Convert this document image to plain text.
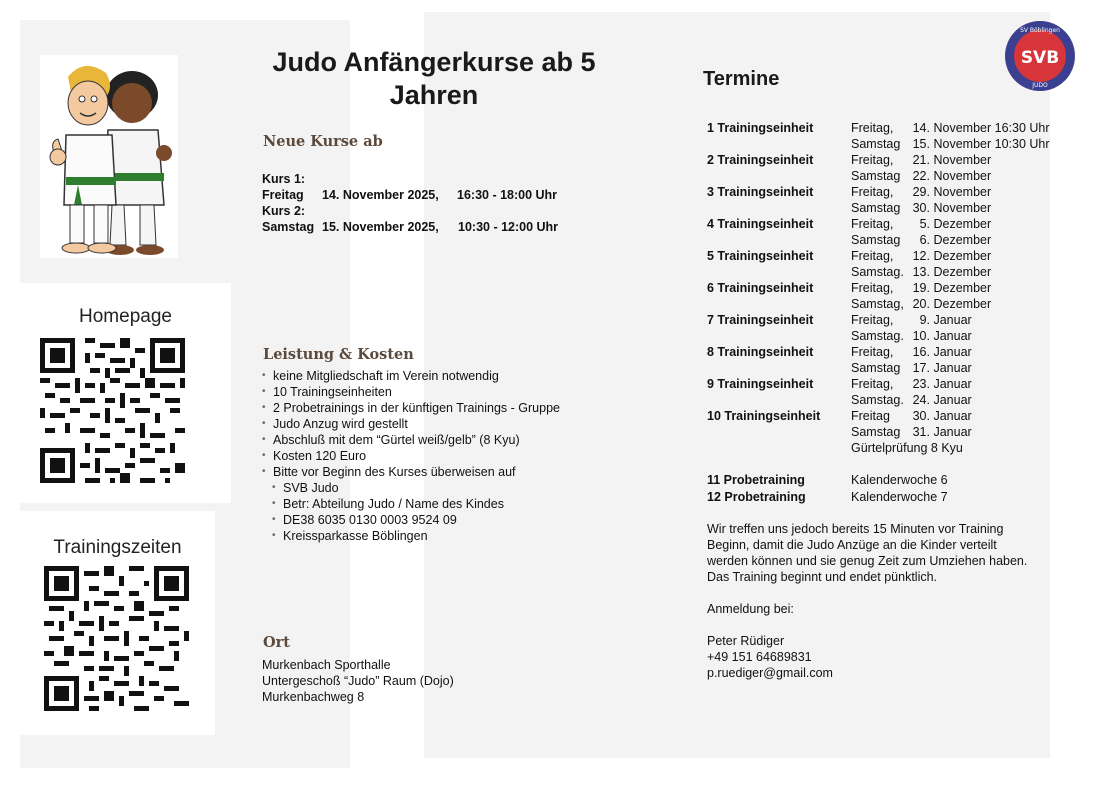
Homepage
Trainingszeiten
Judo Anfängerkurse ab 5 Jahren
Neue Kurse ab
Kurs 1:
Freitag 14. November 2025, 16:30 - 18:00 Uhr
Kurs 2:
Samstag 15. November 2025, 10:30 - 12:00 Uhr
Leistung & Kosten
• keine Mitgliedschaft im Verein notwendig
• 10 Trainingseinheiten
• 2 Probetrainings in der künftigen Trainings - Gruppe
• Judo Anzug wird gestellt
• Abschluß mit dem “Gürtel weiß/gelb” (8 Kyu)
• Kosten 120 Euro
• Bitte vor Beginn des Kurses überweisen auf
• SVB Judo
• Betr: Abteilung Judo / Name des Kindes
• DE38 6035 0130 0003 9524 09
• Kreissparkasse Böblingen
Ort
Murkenbach Sporthalle
Untergeschoß “Judo” Raum (Dojo)
Murkenbachweg 8
SVB
SV Böblingen
JUDO
Termine
1 Trainingseinheit	Freitag, 14. November 16:30 Uhr
Samstag 15. November 10:30 Uhr
2 Trainingseinheit	Freitag, 21. November
Samstag 22. November
3 Trainingseinheit	Freitag, 29. November
Samstag 30. November
4 Trainingseinheit	Freitag, 5. Dezember
Samstag 6. Dezember
5 Trainingseinheit	Freitag, 12. Dezember
Samstag. 13. Dezember
6 Trainingseinheit	Freitag, 19. Dezember
Samstag, 20. Dezember
7 Trainingseinheit	Freitag, 9. Januar
Samstag. 10. Januar
8 Trainingseinheit	Freitag, 16. Januar
Samstag 17. Januar
9 Trainingseinheit	Freitag, 23. Januar
Samstag. 24. Januar
10 Trainingseinheit	Freitag 30. Januar
Samstag 31. Januar
Gürtelprüfung 8 Kyu
11 Probetraining	Kalenderwoche 6
12 Probetraining	Kalenderwoche 7
Wir treffen uns jedoch bereits 15 Minuten vor Training
Beginn, damit die Judo Anzüge an die Kinder verteilt
werden können und sie genug Zeit zum Umziehen haben.
Das Training beginnt und endet pünktlich.
Anmeldung bei:
Peter Rüdiger
+49 151 64689831
p.ruediger@gmail.com
